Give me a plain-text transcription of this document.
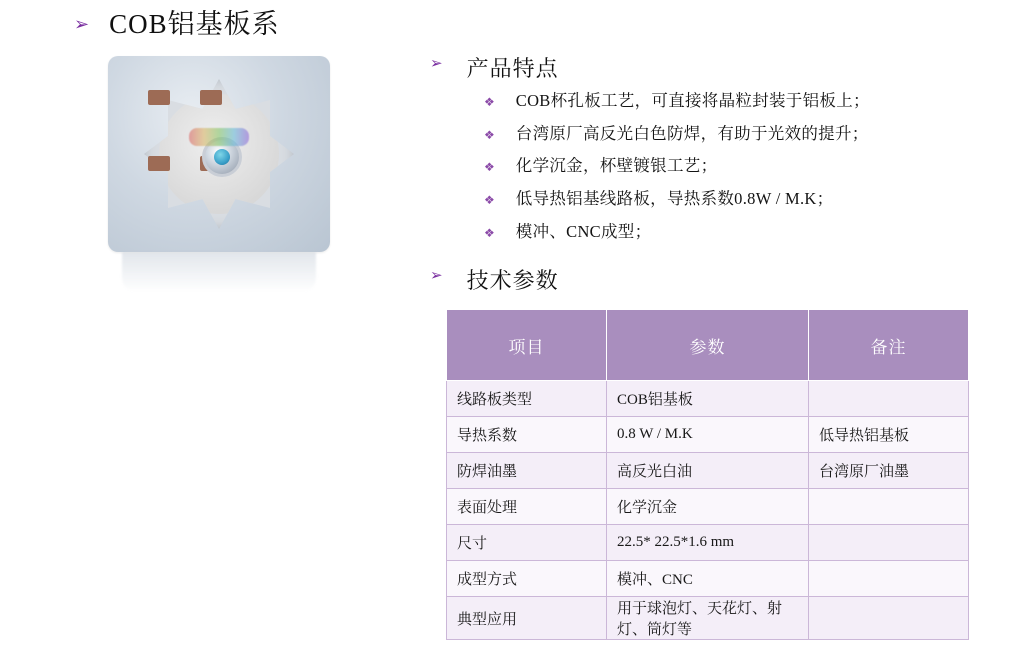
➢ COB铝基板系
➢ 产品特点
❖ COB杯孔板工艺，可直接将晶粒封装于铝板上；
❖ 台湾原厂高反光白色防焊，有助于光效的提升；
❖ 化学沉金，杯壁镀银工艺；
❖ 低导热铝基线路板，导热系数0.8W / M.K；
❖ 模冲、CNC成型；
➢ 技术参数
项目	参数	备注
线路板类型	COB铝基板	
导热系数	0.8 W / M.K	低导热铝基板
防焊油墨	高反光白油	台湾原厂油墨
表面处理	化学沉金	
尺寸	22.5* 22.5*1.6 mm	
成型方式	模冲、CNC	
典型应用	用于球泡灯、天花灯、射灯、筒灯等	
